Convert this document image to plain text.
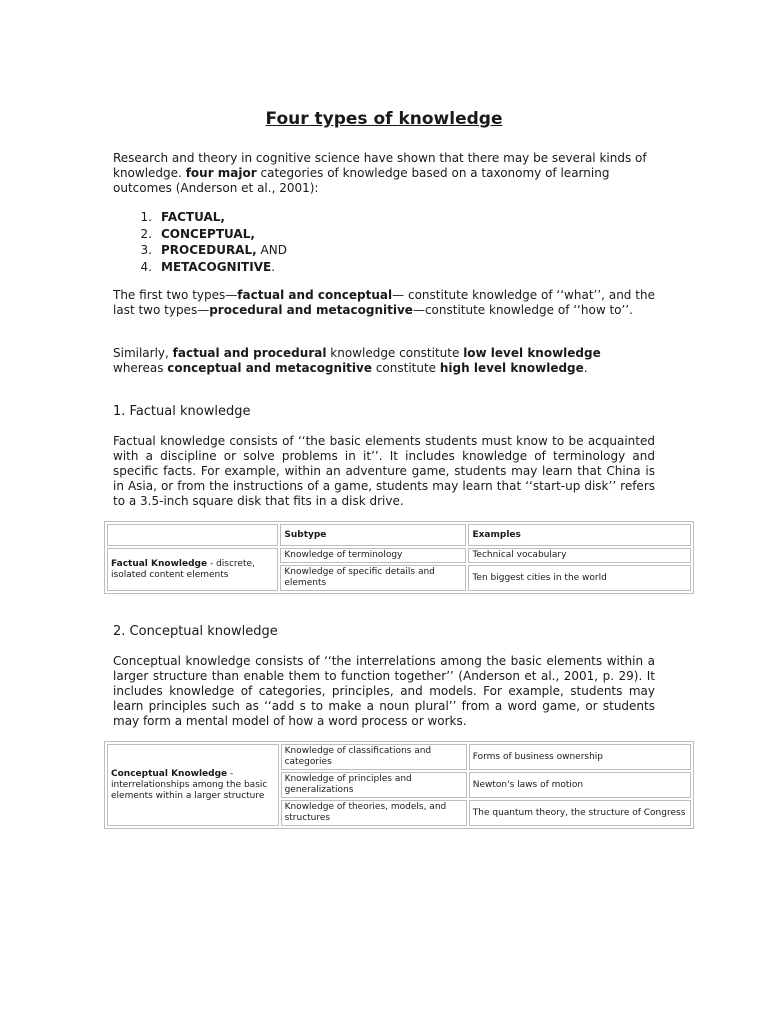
Four types of knowledge
Research and theory in cognitive science have shown that there may be several kinds of knowledge. four major categories of knowledge based on a taxonomy of learning outcomes (Anderson et al., 2001):
1. FACTUAL,
2. CONCEPTUAL,
3. PROCEDURAL, AND
4. METACOGNITIVE.
The first two types—factual and conceptual— constitute knowledge of ‘‘what’’, and the last two types—procedural and metacognitive—constitute knowledge of ‘‘how to’’.
Similarly, factual and procedural knowledge constitute low level knowledge whereas conceptual and metacognitive constitute high level knowledge.
1. Factual knowledge
Factual knowledge consists of ‘‘the basic elements students must know to be acquainted with a discipline or solve problems in it’’. It includes knowledge of terminology and specific facts. For example, within an adventure game, students may learn that China is in Asia, or from the instructions of a game, students may learn that ‘‘start-up disk’’ refers to a 3.5-inch square disk that fits in a disk drive.
	Subtype	Examples
Factual Knowledge - discrete, isolated content elements	Knowledge of terminology	Technical vocabulary
	Knowledge of specific details and elements	Ten biggest cities in the world
2. Conceptual knowledge
Conceptual knowledge consists of ‘‘the interrelations among the basic elements within a larger structure than enable them to function together’’ (Anderson et al., 2001, p. 29). It includes knowledge of categories, principles, and models. For example, students may learn principles such as ‘‘add s to make a noun plural’’ from a word game, or students may form a mental model of how a word process or works.
Conceptual Knowledge - interrelationships among the basic elements within a larger structure	Knowledge of classifications and categories	Forms of business ownership
	Knowledge of principles and generalizations	Newton's laws of motion
	Knowledge of theories, models, and structures	The quantum theory, the structure of Congress
